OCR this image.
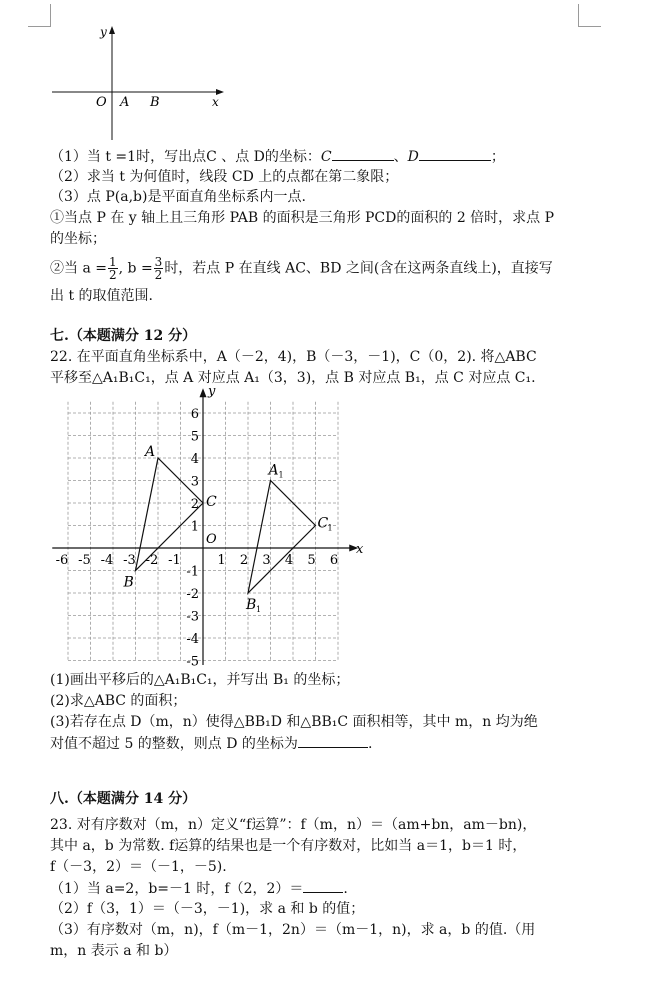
y
x
O A B
（1）当 t =1时，写出点C 、点 D的坐标：C	、D	；
（2）求当 t 为何值时，线段 CD 上的点都在第二象限；
（3）点 P(a,b)是平面直角坐标系内一点.
①当点 P 在 y 轴上且三角形 PAB 的面积是三角形 PCD的面积的 2 倍时，求点 P
的坐标；
②当 $a = \frac{1}{2}$ , $b = \frac{3}{2}$ 时，若点 P 在直线 AC、BD 之间(含在这两条直线上)，直接写
出 t 的取值范围.
七.（本题满分 12 分）
22. 在平面直角坐标系中，A（－2，4)，B（－3，－1)，C（0，2). 将△ABC
平移至△A₁B₁C₁，点 A 对应点 A₁（3，3)，点 B 对应点 B₁，点 C 对应点 C₁.
x
y
O
-6 -5 -4 -3 -2 -1	1 2 3 4 5 6
6
5
4
3
2
1
-1
-2
-3
-4
-5
A
B
C
A 1
B 1
C 1
(1)画出平移后的△A₁B₁C₁，并写出 B₁ 的坐标；
(2)求△ABC 的面积；
(3)若存在点 D（m，n）使得△BB₁D 和△BB₁C 面积相等，其中 m，n 均为绝
对值不超过 5 的整数，则点 D 的坐标为	.
八.（本题满分 14 分）
23. 对有序数对（m，n）定义“f运算”：f（m，n）＝（am+bn，am－bn)，
其中 a，b 为常数. f运算的结果也是一个有序数对，比如当 a＝1，b＝1 时，
f（－3，2）＝（－1，－5).
（1）当 a=2，b=－1 时，f（2，2）＝	.
（2）f（3，1）＝（－3，－1)，求 a 和 b 的值；
（3）有序数对（m，n)，f（m－1，2n）＝（m－1，n)，求 a，b 的值.（用
m，n 表示 a 和 b）
